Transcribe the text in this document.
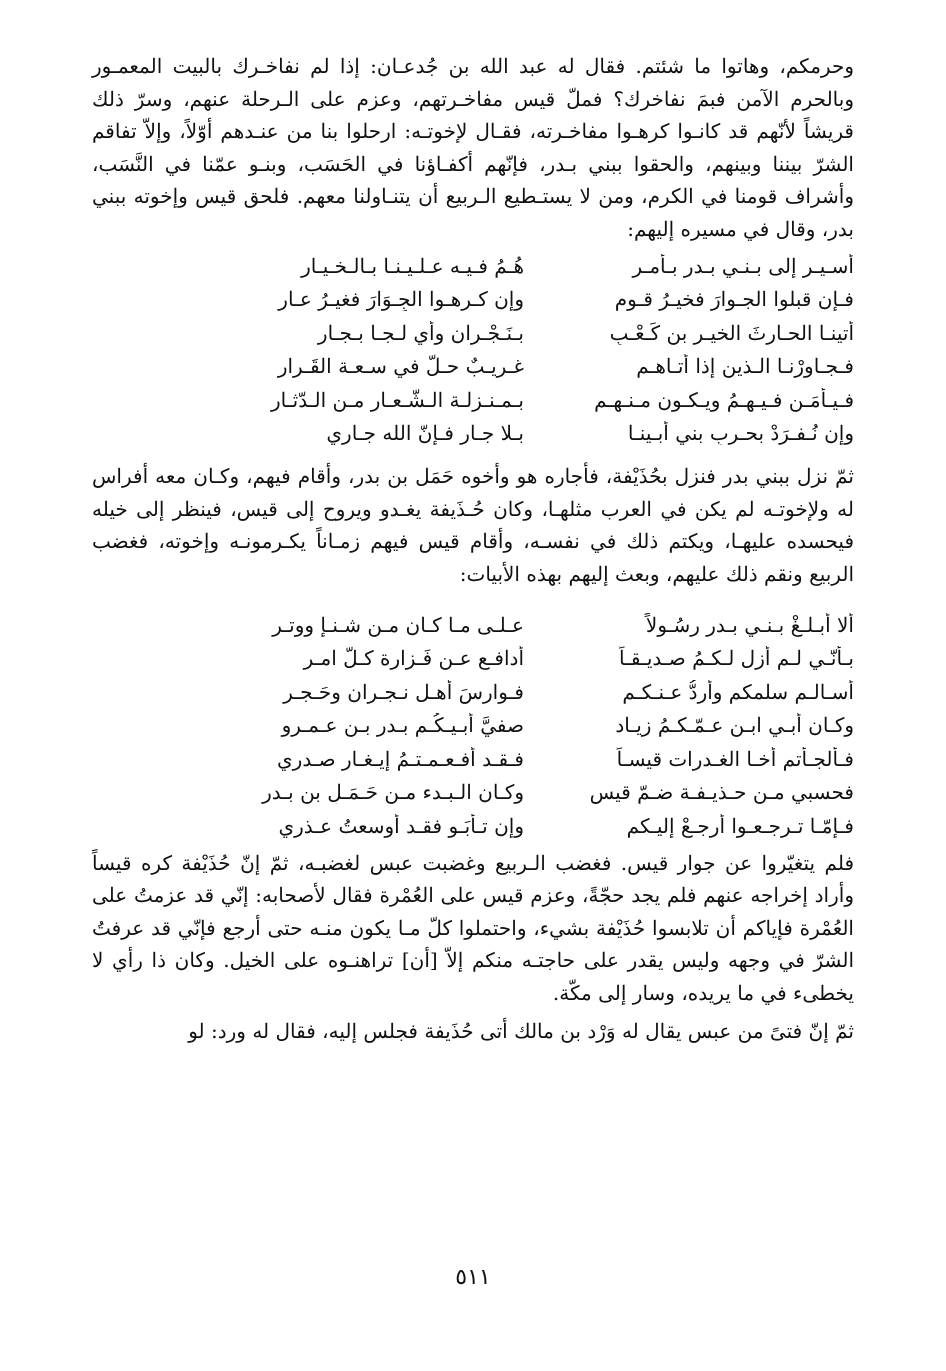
وحرمكم، وهاتوا ما شئتم. فقال له عبد الله بن جُدعـان: إذا لم نفاخـرك بالبيت المعمـور وبالحرم الآمن فبمَ نفاخرك؟ فملّ قيس مفاخـرتهم، وعزم على الـرحلة عنهم، وسرّ ذلك قريشاً لأنّهم قد كانـوا كرهـوا مفاخـرته، فقـال لإخوتـه: ارحلوا بنا من عنـدهم أوّلاً، وإلاّ تفاقم الشرّ بيننا وبينهم، والحقوا ببني بـدر، فإنّهم أكفـاؤنا في الحَسَب، وبنـو عمّنا في النَّسَب، وأشراف قومنا في الكرم، ومن لا يستـطيع الـربيع أن يتنـاولنا معهم. فلحق قيس وإخوته ببني بدر، وقال في مسيره إليهم:

أسـيـر إلى بـنـي بـدرٍ بـأمـرٍ
هُـمُ فـيـه عـلـيـنـا بـالـخـيـارِ
فـإن قبلوا الجـوارَ فخيـرُ قـومٍ
وإن كـرهـوا الجِـوَارَ فغيـرُ عـارِ
أتينـا الحـارثَ الخيـر بن كَـعْـبٍ
بـنَـجْـران وأي لـجـا بـجـارِ
فـجـاورْنـا الـذين إذا أتـاهـم
غـريـبٌ حـلّ في سـعـة القَـرارِ
فـيـأمَـن فـيـهـمُ ويـكـون مـنـهـم
بـمـنـزلـة الـشّـعـار مـن الـدّثـار
وإن نُـفـرَدْ بحـربِ بني أبـينـا
بـلا جـار فـإنّ الله جـاري

ثمّ نزل ببني بدر فنزل بحُذَيْفة، فأجاره هو وأخوه حَمَل بن بدر، وأقام فيهم، وكـان معه أفراس له ولإخوتـه لم يكن في العرب مثلهـا، وكان حُـذَيفة يغـدو ويروح إلى قيس، فينظر إلى خيله فيحسده عليهـا، ويكتم ذلك في نفسـه، وأقام قيس فيهم زمـاناً يكـرمونـه وإخوته، فغضب الربيع ونقم ذلك عليهم، وبعث إليهم بهذه الأبيات:

ألا أبـلـغْ بـنـي بـدرٍ رسُـولاً
عـلـى مـا كـان مـن شـنـإٍ ووتـرِ
بـأنّـي لـم أزل لـكـمُ صـديـقـاً
أدافـع عـن فَـزارة كـلّ امـرِ
أُسـالـم سلمكم وأردُّ عـنـكـم
فـوارسَ أهـل نـجـران وحَـجـرِ
وكـان أبـي ابـن عـمّـكـمُ زيـاد
صفيَّ أبـيـكُـم بـدر بـن عـمـرو
فـألجـأتم أخـا الغـدرات قيسـاً
فـقـد أفـعـمـتـمُ إيـغـار صـدري
فحسبي مـن حـذيـفـة ضـمّ قيس
وكـان الـبـدء مـن حَـمَـلٍ بن بـدرِ
فـإمّـا تـرجـعـوا أرجـعْ إليـكم
وإن تـأبَـو فقـد أوسعتُ عـذري

فلم يتغيّروا عن جوار قيس. فغضب الـربيع وغضبت عبس لغضبـه، ثمّ إنّ حُذَيْفة كره قيساً وأراد إخراجه عنهم فلم يجد حجّةً، وعزم قيس على العُمْرة فقال لأصحابه: إنّي قد عزمتُ على العُمْرة فإياكم أن تلابسوا حُذَيْفة بشيء، واحتملوا كلّ مـا يكون منـه حتى أرجع فإنّي قد عرفتُ الشرّ في وجهه وليس يقدر على حاجتـه منكم إلاّ [أن] تراهنـوه على الخيل. وكان ذا رأي لا يخطىء في ما يريده، وسار إلى مكّة.

ثمّ إنّ فتىً من عبس يقال له وَرْد بن مالك أتى حُذَيفة فجلس إليه، فقال له ورد: لو

٥١١
